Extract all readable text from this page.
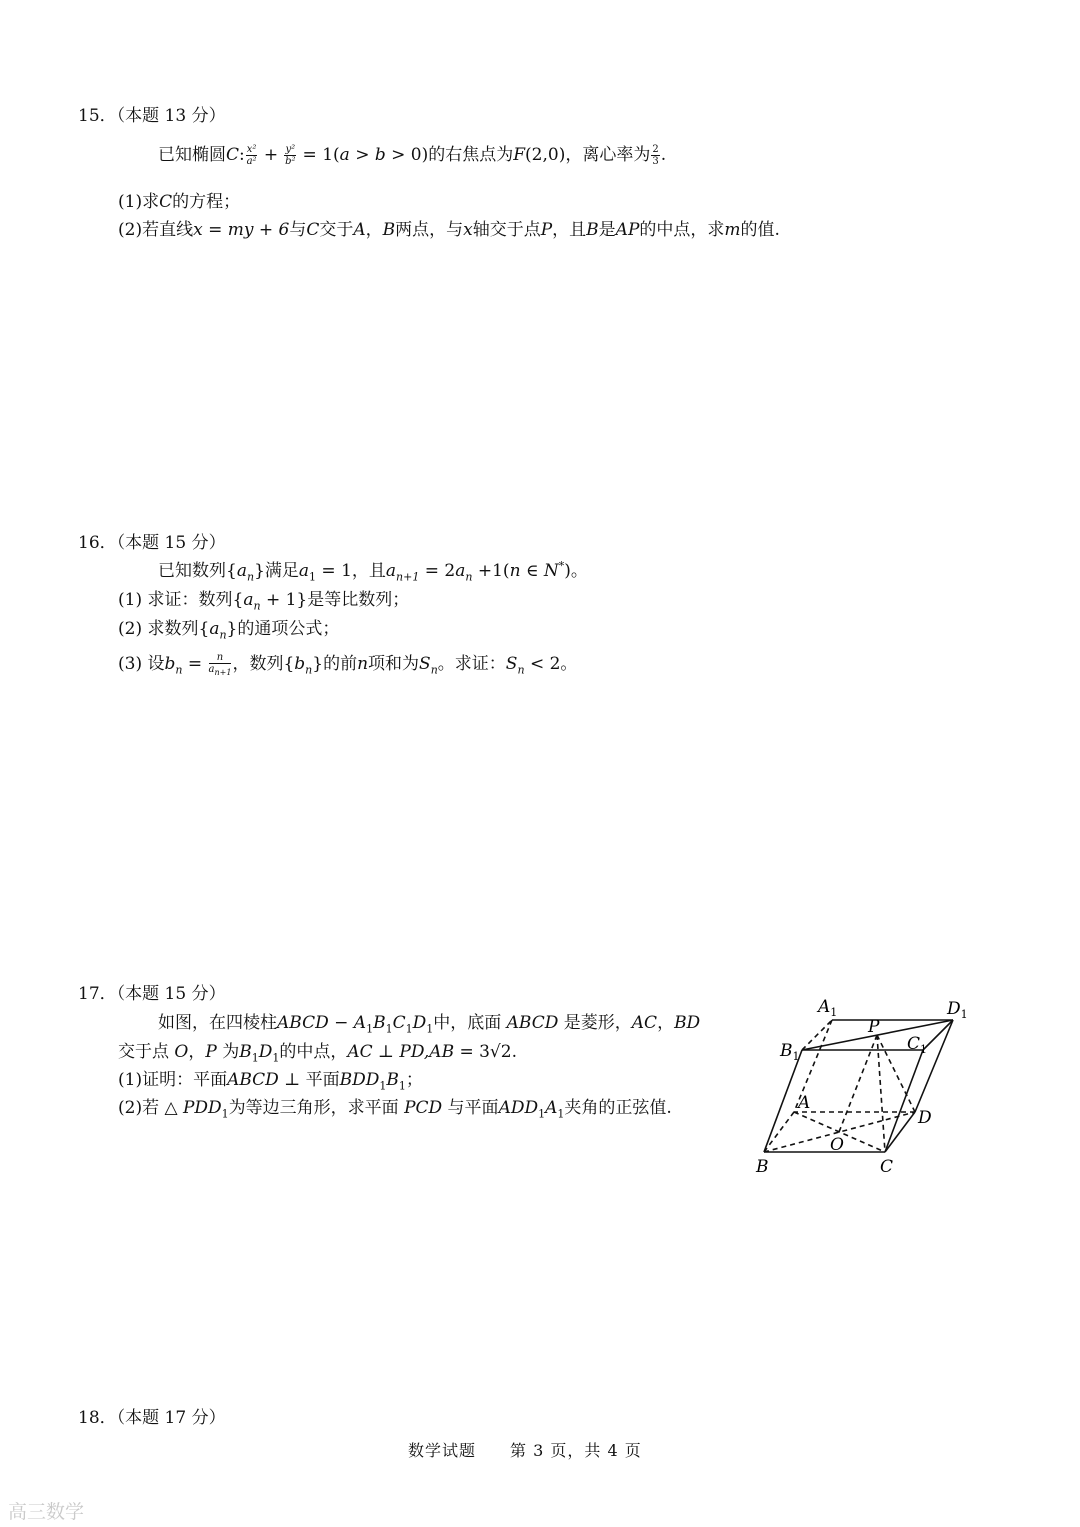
15．（本题 13 分）
已知椭圆C: $\frac{\text{x²}}{\text{a²}} + \frac{\text{y²}}{\text{b²}} = 1(a > b > 0)$的右焦点为F(2,0)，离心率为 $\frac{2}{3}$ .
(1)求C的方程；
(2)若直线x = my + 6与C交于A，B两点，与x轴交于点P，且B是AP的中点，求m的值.
16．（本题 15 分）
已知数列$\{a_n\}$满足$a_1 = 1$，且$a_{n+1} = 2a_n +1(n$ ∈ N*)。
(1) 求证：数列$\{a_n + 1\}$是等比数列；
(2) 求数列$\{a_n\}$的通项公式；
(3) 设$b_n = \frac{n}{a_{n+1}}$ ，数列$\{b_n\}$的前n项和为$S_n$。求证：$S_n < 2$。
17．（本题 15 分）
如图，在四棱柱ABCD − $A_1B_1C_1D_1$中，底面 ABCD 是菱形，AC，BD
交于点 O，P 为$B_1D_1$的中点，AC ⊥ PD,AB = 3√2.
(1)证明：平面ABCD ⊥ 平面$BDD_1B_1$；
(2)若 △ $PDD_1$为等边三角形，求平面 PCD 与平面$ADD_1A_1$夹角的正弦值.
$A_1$	$D_1$
$B_1$
$C_1$
P
A
D
O
B	C
18．（本题 17 分）
数学试题　　第 3 页，共 4 页
高三数学
